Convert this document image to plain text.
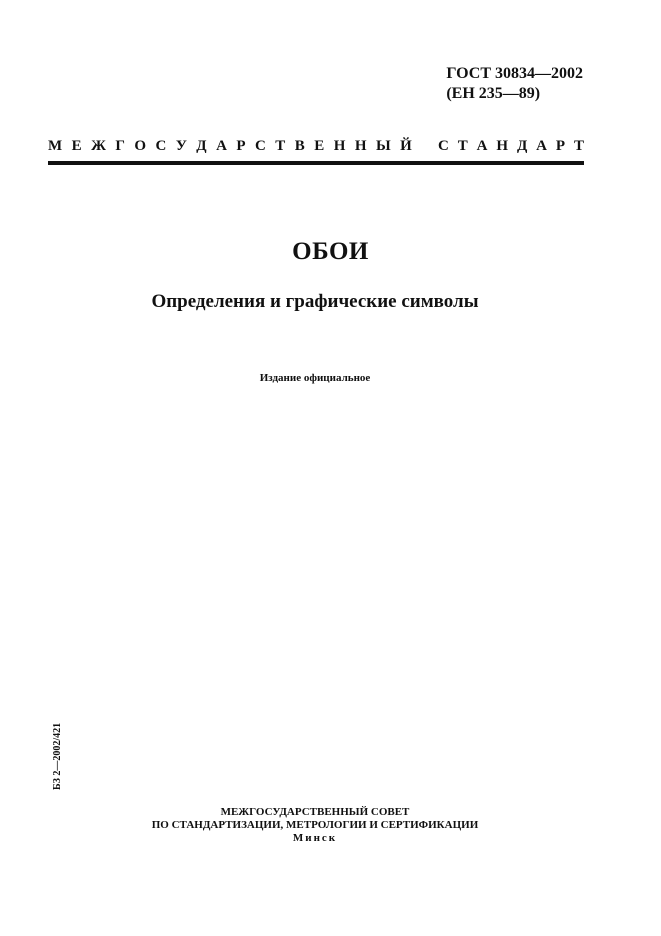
ГОСТ 30834—2002
(ЕН 235—89)
М Е Ж Г О С У Д А Р С Т В Е Н Н Ы Й С Т А Н Д А Р Т
ОБОИ
Определения и графические символы
Издание официальное
БЗ 2—2002/421
МЕЖГОСУДАРСТВЕННЫЙ СОВЕТ
ПО СТАНДАРТИЗАЦИИ, МЕТРОЛОГИИ И СЕРТИФИКАЦИИ
Минск
